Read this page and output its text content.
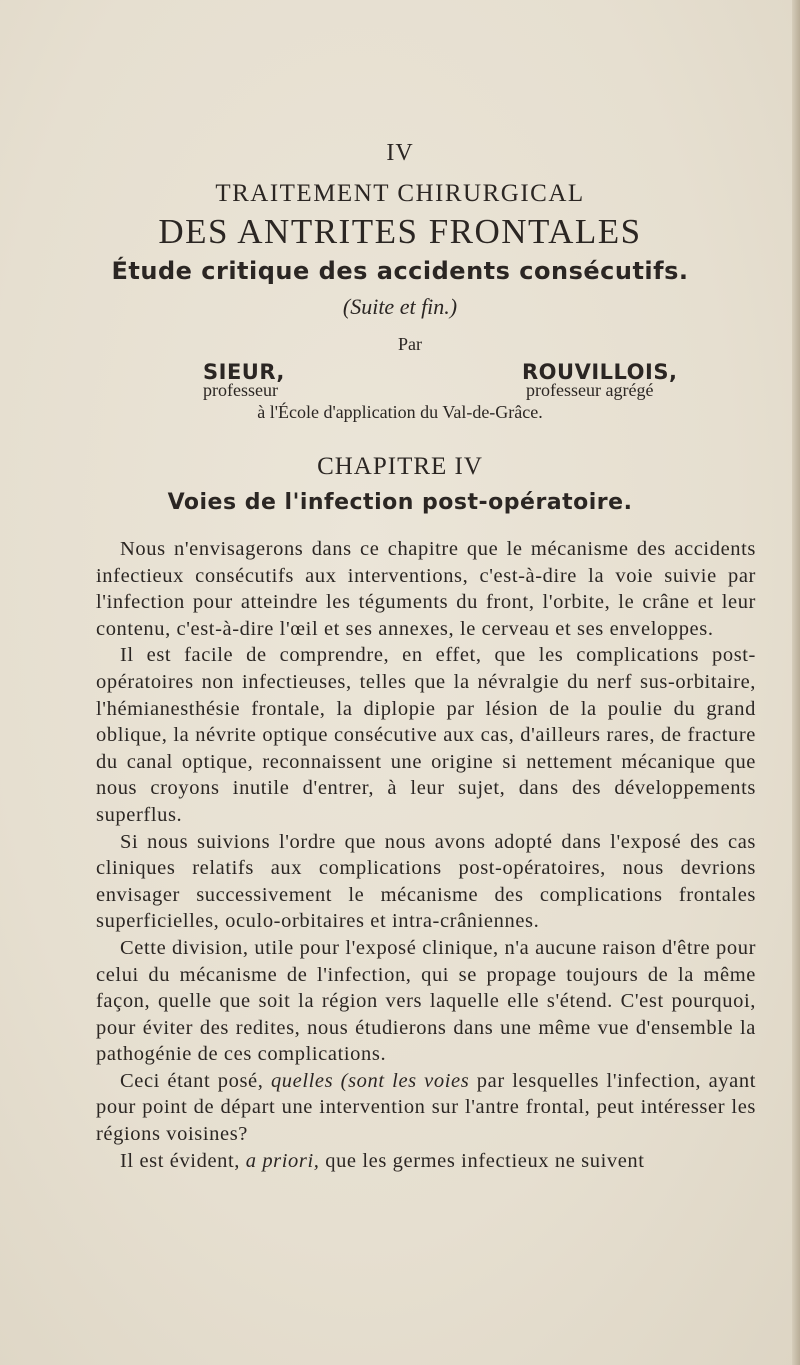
IV
TRAITEMENT CHIRURGICAL
DES ANTRITES FRONTALES
Étude critique des accidents consécutifs.
(Suite et fin.)
Par
SIEUR,	ROUVILLOIS,
professeur	professeur agrégé
à l'École d'application du Val-de-Grâce.
CHAPITRE IV
Voies de l'infection post-opératoire.

Nous n'envisagerons dans ce chapitre que le mécanisme des accidents infectieux consécutifs aux interventions, c'est-à-dire la voie suivie par l'infection pour atteindre les téguments du front, l'orbite, le crâne et leur contenu, c'est-à-dire l'œil et ses annexes, le cerveau et ses enveloppes.

Il est facile de comprendre, en effet, que les complications post-opératoires non infectieuses, telles que la névralgie du nerf sus-orbitaire, l'hémianesthésie frontale, la diplopie par lésion de la poulie du grand oblique, la névrite optique consécutive aux cas, d'ailleurs rares, de fracture du canal optique, reconnaissent une origine si nettement mécanique que nous croyons inutile d'entrer, à leur sujet, dans des développements superflus.

Si nous suivions l'ordre que nous avons adopté dans l'exposé des cas cliniques relatifs aux complications post-opératoires, nous devrions envisager successivement le mécanisme des complications frontales superficielles, oculo-orbitaires et intra-crâniennes.

Cette division, utile pour l'exposé clinique, n'a aucune raison d'être pour celui du mécanisme de l'infection, qui se propage toujours de la même façon, quelle que soit la région vers laquelle elle s'étend. C'est pourquoi, pour éviter des redites, nous étudierons dans une même vue d'ensemble la pathogénie de ces complications.

Ceci étant posé, quelles (sont les voies par lesquelles l'infection, ayant pour point de départ une intervention sur l'antre frontal, peut intéresser les régions voisines?

Il est évident, a priori, que les germes infectieux ne suivent
